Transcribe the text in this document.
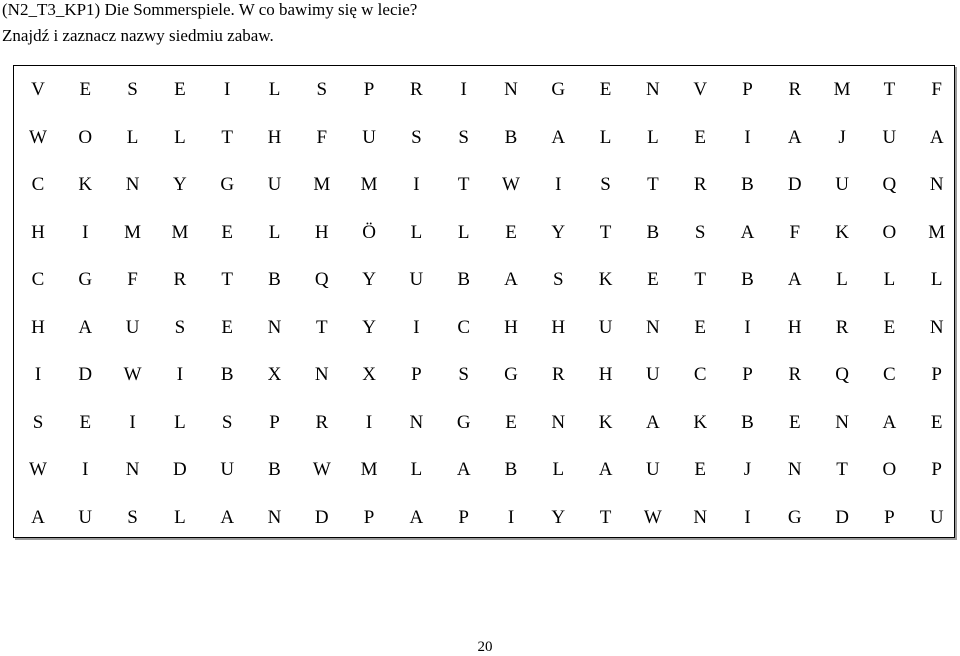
(N2_T3_KP1) Die Sommerspiele. W co bawimy się w lecie?
Znajdź i zaznacz nazwy siedmiu zabaw.
V	E	S	E	I	L	S	P	R	I	N	G	E	N	V	P	R	M	T	F
W	O	L	L	T	H	F	U	S	S	B	A	L	L	E	I	A	J	U	A
C	K	N	Y	G	U	M	M	I	T	W	I	S	T	R	B	D	U	Q	N
H	I	M	M	E	L	H	Ö	L	L	E	Y	T	B	S	A	F	K	O	M
C	G	F	R	T	B	Q	Y	U	B	A	S	K	E	T	B	A	L	L	L
H	A	U	S	E	N	T	Y	I	C	H	H	U	N	E	I	H	R	E	N
I	D	W	I	B	X	N	X	P	S	G	R	H	U	C	P	R	Q	C	P
S	E	I	L	S	P	R	I	N	G	E	N	K	A	K	B	E	N	A	E
W	I	N	D	U	B	W	M	L	A	B	L	A	U	E	J	N	T	O	P
A	U	S	L	A	N	D	P	A	P	I	Y	T	W	N	I	G	D	P	U
20
